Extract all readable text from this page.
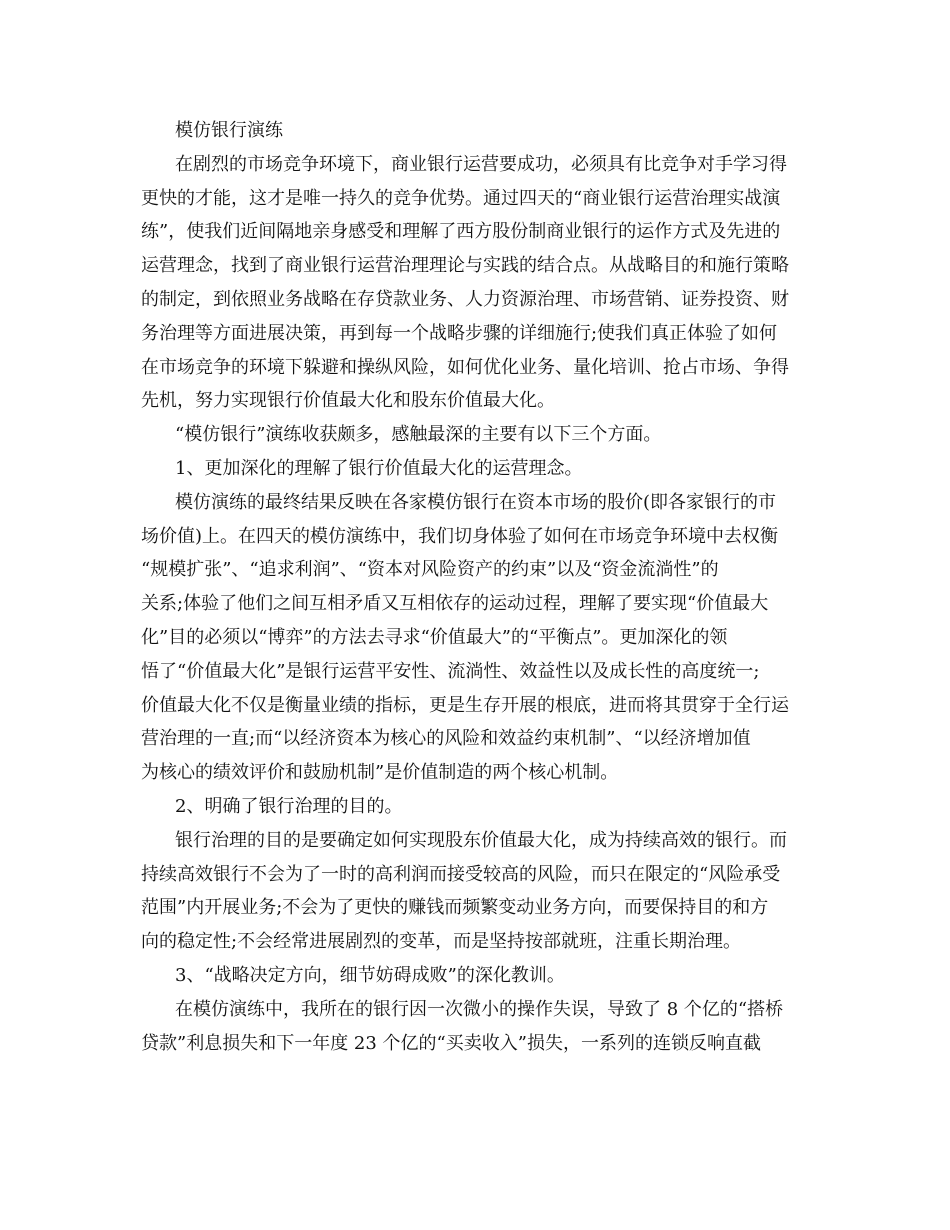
模仿银行演练
在剧烈的市场竞争环境下，商业银行运营要成功，必须具有比竞争对手学习得
更快的才能，这才是唯一持久的竞争优势。通过四天的“商业银行运营治理实战演
练”，使我们近间隔地亲身感受和理解了西方股份制商业银行的运作方式及先进的
运营理念，找到了商业银行运营治理理论与实践的结合点。从战略目的和施行策略
的制定，到依照业务战略在存贷款业务、人力资源治理、市场营销、证券投资、财
务治理等方面进展决策，再到每一个战略步骤的详细施行;使我们真正体验了如何
在市场竞争的环境下躲避和操纵风险，如何优化业务、量化培训、抢占市场、争得
先机，努力实现银行价值最大化和股东价值最大化。
“模仿银行”演练收获颇多，感触最深的主要有以下三个方面。
1、更加深化的理解了银行价值最大化的运营理念。
模仿演练的最终结果反映在各家模仿银行在资本市场的股价(即各家银行的市
场价值)上。在四天的模仿演练中，我们切身体验了如何在市场竞争环境中去权衡
“规模扩张”、“追求利润”、“资本对风险资产的约束”以及“资金流淌性”的
关系;体验了他们之间互相矛盾又互相依存的运动过程，理解了要实现“价值最大
化”目的必须以“博弈”的方法去寻求“价值最大”的“平衡点”。更加深化的领
悟了“价值最大化”是银行运营平安性、流淌性、效益性以及成长性的高度统一;
价值最大化不仅是衡量业绩的指标，更是生存开展的根底，进而将其贯穿于全行运
营治理的一直;而“以经济资本为核心的风险和效益约束机制”、“以经济增加值
为核心的绩效评价和鼓励机制”是价值制造的两个核心机制。
2、明确了银行治理的目的。
银行治理的目的是要确定如何实现股东价值最大化，成为持续高效的银行。而
持续高效银行不会为了一时的高利润而接受较高的风险，而只在限定的“风险承受
范围”内开展业务;不会为了更快的赚钱而频繁变动业务方向，而要保持目的和方
向的稳定性;不会经常进展剧烈的变革，而是坚持按部就班，注重长期治理。
3、“战略决定方向，细节妨碍成败”的深化教训。
在模仿演练中，我所在的银行因一次微小的操作失误，导致了 8 个亿的“搭桥
贷款”利息损失和下一年度 23 个亿的“买卖收入”损失，一系列的连锁反响直截
